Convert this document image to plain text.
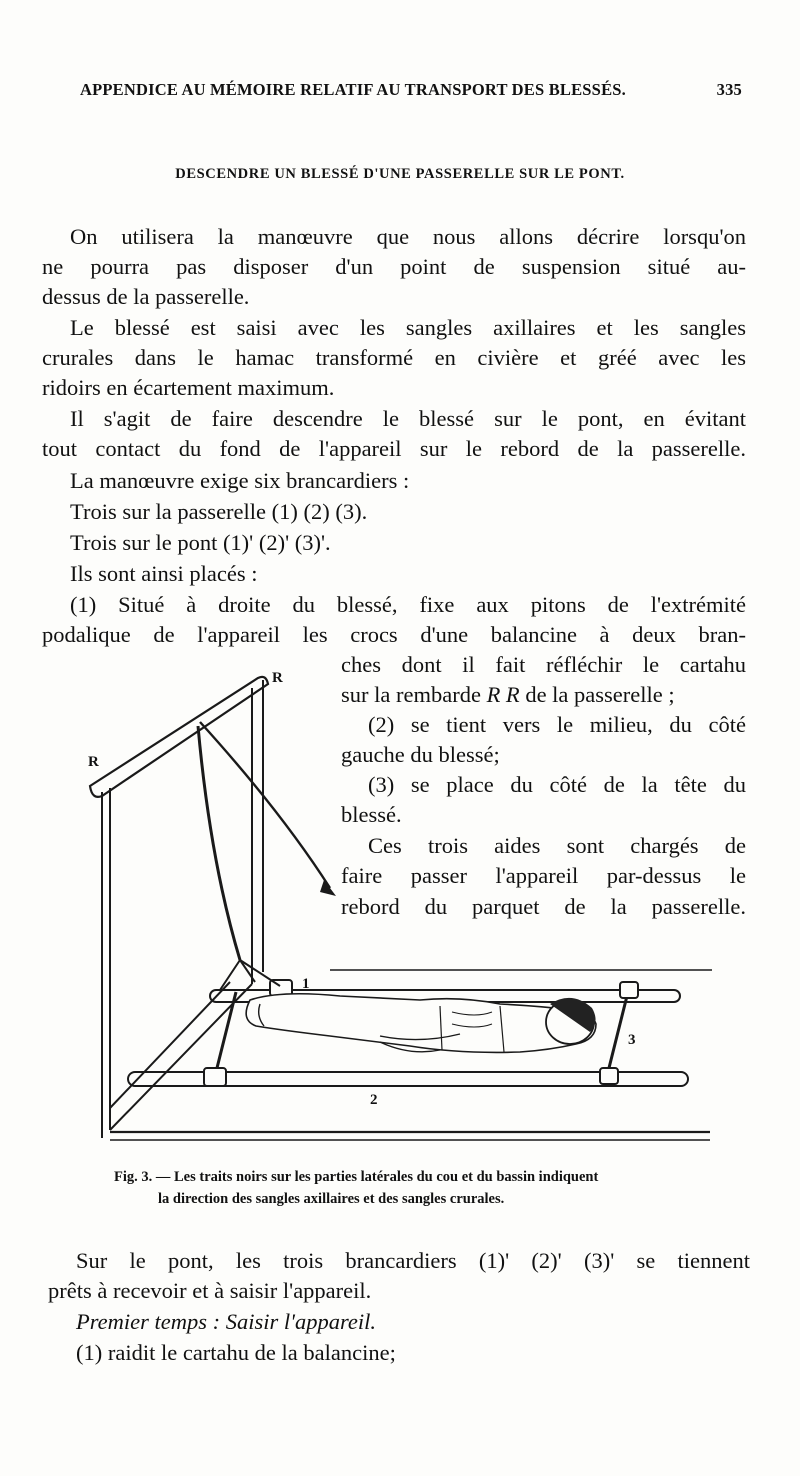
APPENDICE AU MÉMOIRE RELATIF AU TRANSPORT DES BLESSÉS.	335
DESCENDRE UN BLESSÉ D'UNE PASSERELLE SUR LE PONT.
On utilisera la manœuvre que nous allons décrire lorsqu'on
ne pourra pas disposer d'un point de suspension situé au-
dessus de la passerelle.
Le blessé est saisi avec les sangles axillaires et les sangles
crurales dans le hamac transformé en civière et gréé avec les
ridoirs en écartement maximum.
Il s'agit de faire descendre le blessé sur le pont, en évitant
tout contact du fond de l'appareil sur le rebord de la passerelle.
La manœuvre exige six brancardiers :
Trois sur la passerelle (1) (2) (3).
Trois sur le pont (1)' (2)' (3)'.
Ils sont ainsi placés :
(1) Situé à droite du blessé, fixe aux pitons de l'extrémité
podalique de l'appareil les crocs d'une balancine à deux bran-
ches dont il fait réfléchir le cartahu
sur la rembarde R R de la passerelle ;
(2) se tient vers le milieu, du côté
gauche du blessé;
(3) se place du côté de la tête du
blessé.
Ces trois aides sont chargés de
faire passer l'appareil par-dessus le
rebord du parquet de la passerelle.
R
R
1
2
3
Fig. 3. — Les traits noirs sur les parties latérales du cou et du bassin indiquent
la direction des sangles axillaires et des sangles crurales.
Sur le pont, les trois brancardiers (1)' (2)' (3)' se tiennent
prêts à recevoir et à saisir l'appareil.
Premier temps : Saisir l'appareil.
(1) raidit le cartahu de la balancine;
